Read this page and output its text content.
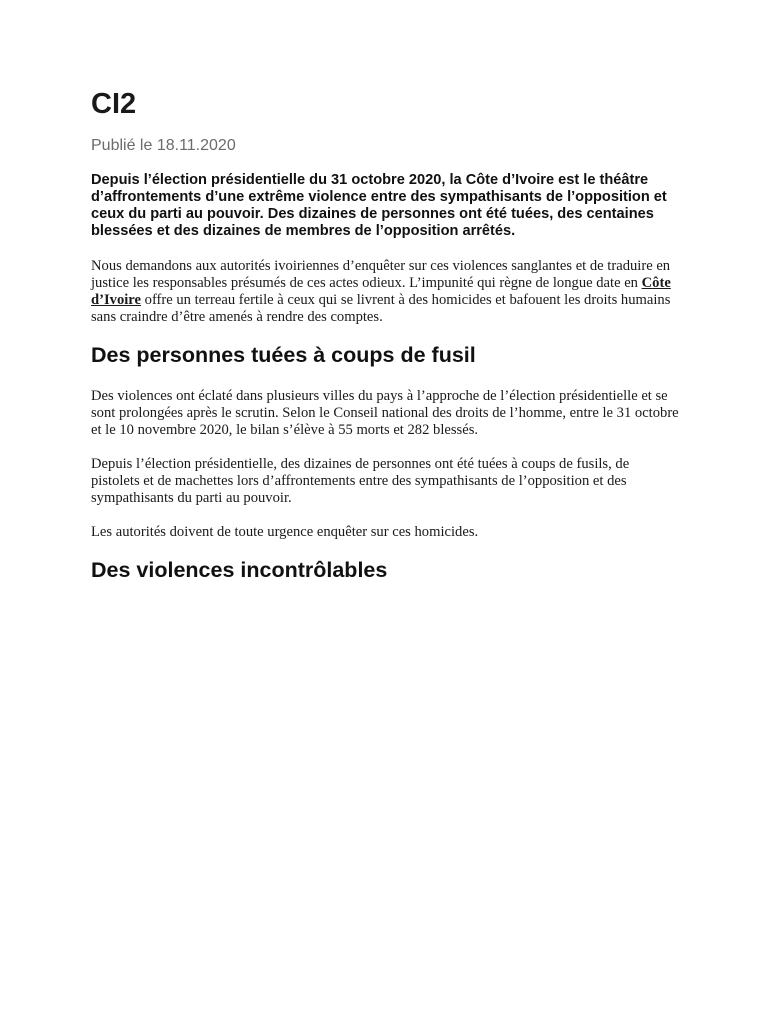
CI2

Publié le 18.11.2020

Depuis l’élection présidentielle du 31 octobre 2020, la Côte d’Ivoire est le théâtre d’affrontements d’une extrême violence entre des sympathisants de l’opposition et ceux du parti au pouvoir. Des dizaines de personnes ont été tuées, des centaines blessées et des dizaines de membres de l’opposition arrêtés.

Nous demandons aux autorités ivoiriennes d’enquêter sur ces violences sanglantes et de traduire en justice les responsables présumés de ces actes odieux. L’impunité qui règne de longue date en Côte d’Ivoire offre un terreau fertile à ceux qui se livrent à des homicides et bafouent les droits humains sans craindre d’être amenés à rendre des comptes.

Des personnes tuées à coups de fusil

Des violences ont éclaté dans plusieurs villes du pays à l’approche de l’élection présidentielle et se sont prolongées après le scrutin. Selon le Conseil national des droits de l’homme, entre le 31 octobre et le 10 novembre 2020, le bilan s’élève à 55 morts et 282 blessés.

Depuis l’élection présidentielle, des dizaines de personnes ont été tuées à coups de fusils, de pistolets et de machettes lors d’affrontements entre des sympathisants de l’opposition et des sympathisants du parti au pouvoir.

Les autorités doivent de toute urgence enquêter sur ces homicides.

Des violences incontrôlables
